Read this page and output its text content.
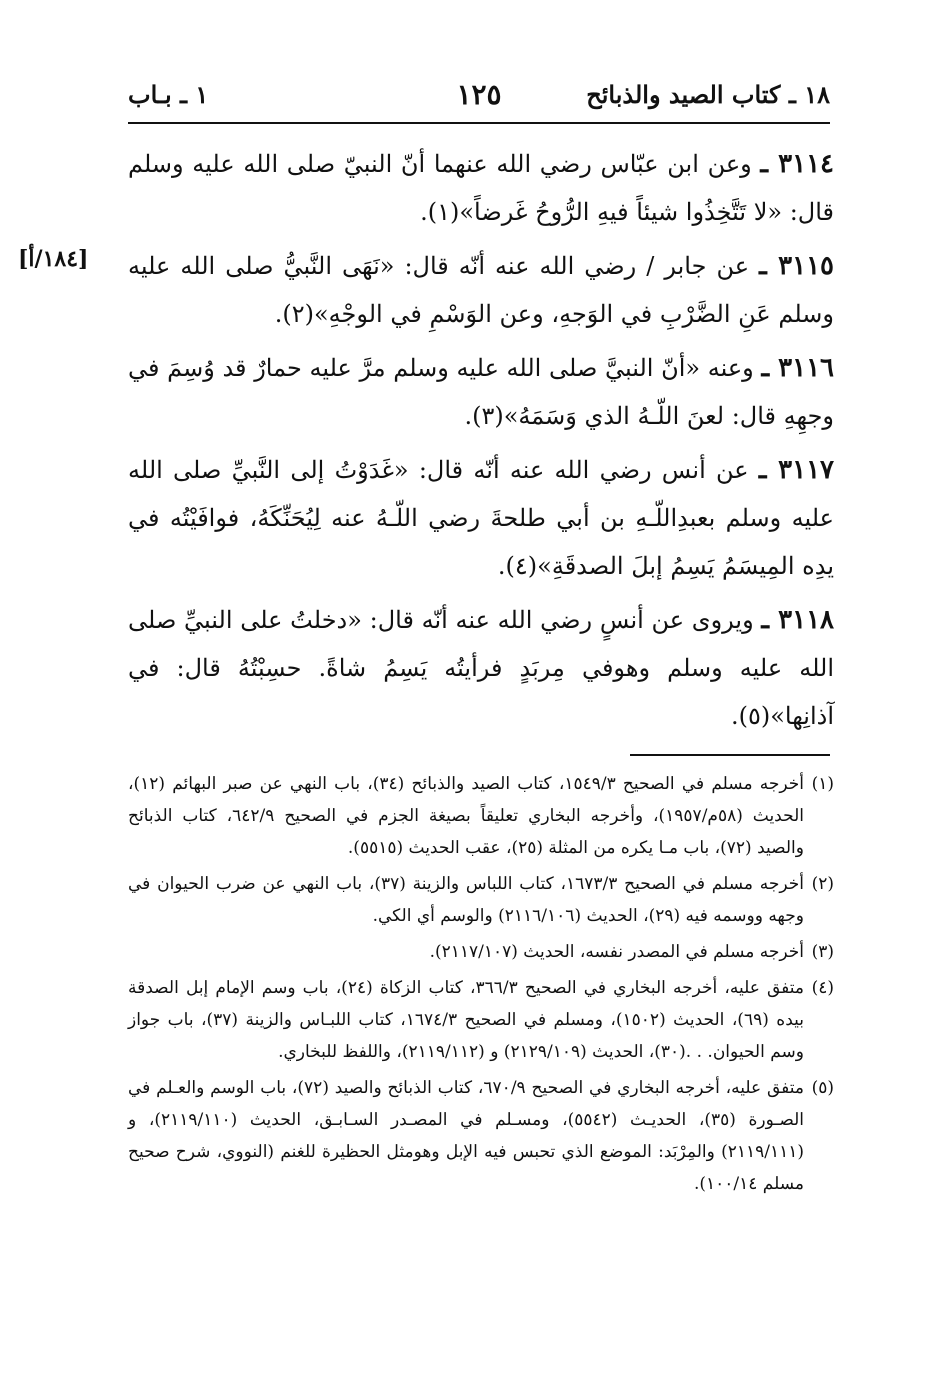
١٨ ـ كتاب الصيد والذبائح
١٢٥
١ ـ بـاب
[١٨٤/أ]

٣١١٤ ـ وعن ابن عبّاس رضي الله عنهما أنّ النبيّ صلى الله عليه وسلم قال: «لا تَتَّخِذُوا شيئاً فيهِ الرُّوحُ غَرضاً»(١).

٣١١٥ ـ عن جابر / رضي الله عنه أنّه قال: «نَهَى النَّبيُّ صلى الله عليه وسلم عَنِ الضَّرْبِ في الوَجهِ، وعن الوَسْمِ في الوجْهِ»(٢).

٣١١٦ ـ وعنه «أنّ النبيَّ صلى الله عليه وسلم مرَّ عليه حمارٌ قد وُسِمَ في وجهِهِ قال: لعنَ اللّـهُ الذي وَسَمَهُ»(٣).

٣١١٧ ـ عن أنس رضي الله عنه أنّه قال: «غَدَوْتُ إلى النَّبيِّ صلى الله عليه وسلم بعبدِاللّـهِ بن أبي طلحةَ رضي اللّـهُ عنه لِيُحَنِّكَهُ، فوافَيْتُه في يدِه المِيسَمُ يَسِمُ إبلَ الصدقَةِ»(٤).

٣١١٨ ـ ويروى عن أنسٍ رضي الله عنه أنّه قال: «دخلتُ على النبيِّ صلى الله عليه وسلم وهوفي مِربَدٍ فرأيتُه يَسِمُ شاةً. حسِبْتُهُ قال: في آذانِها»(٥).

(١)
أخرجه مسلم في الصحيح ١٥٤٩/٣، كتاب الصيد والذبائح (٣٤)، باب النهي عن صبر البهائم (١٢)، الحديث (٥٨م/١٩٥٧)، وأخرجه البخاري تعليقاً بصيغة الجزم في الصحيح ٦٤٢/٩، كتاب الذبائح والصيد (٧٢)، باب مـا يكره من المثلة (٢٥)، عقب الحديث (٥٥١٥).

(٢)
أخرجه مسلم في الصحيح ١٦٧٣/٣، كتاب اللباس والزينة (٣٧)، باب النهي عن ضرب الحيوان في وجهه ووسمه فيه (٢٩)، الحديث (٢١١٦/١٠٦) والوسم أي الكي.

(٣)
أخرجه مسلم في المصدر نفسه، الحديث (٢١١٧/١٠٧).

(٤)
متفق عليه، أخرجه البخاري في الصحيح ٣٦٦/٣، كتاب الزكاة (٢٤)، باب وسم الإمام إبل الصدقة بيده (٦٩)، الحديث (١٥٠٢)، ومسلم في الصحيح ١٦٧٤/٣، كتاب اللبـاس والزينة (٣٧)، باب جواز وسم الحيوان. . .(٣٠)، الحديث (٢١٢٩/١٠٩) و (٢١١٩/١١٢)، واللفظ للبخاري.

(٥)
متفق عليه، أخرجه البخاري في الصحيح ٦٧٠/٩، كتاب الذبائح والصيد (٧٢)، باب الوسم والعـلم في الصـورة (٣٥)، الحديـث (٥٥٤٢)، ومسـلم في المصـدر السـابـق، الحديث (٢١١٩/١١٠)، و (٢١١٩/١١١) والمِرْبَد: الموضع الذي تحبس فيه الإبل وهومثل الحظيرة للغنم (النووي، شرح صحيح مسلم ١٠٠/١٤).
